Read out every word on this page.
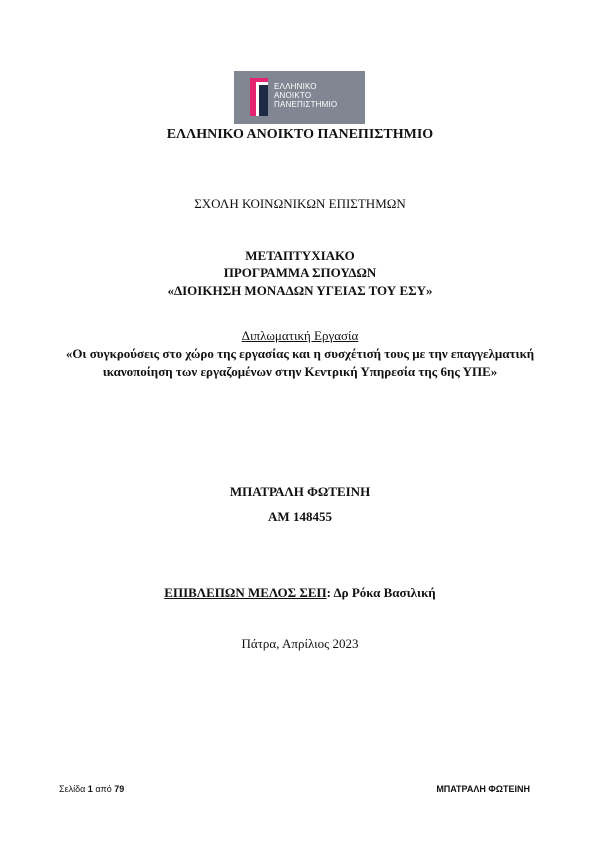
ΕΛΛΗΝΙΚΟ
ΑΝΟΙΚΤΟ
ΠΑΝΕΠΙΣΤΗΜΙΟ
ΕΛΛΗΝΙΚΟ ΑΝΟΙΚΤΟ ΠΑΝΕΠΙΣΤΗΜΙΟ
ΣΧΟΛΗ ΚΟΙΝΩΝΙΚΩΝ ΕΠΙΣΤΗΜΩΝ
ΜΕΤΑΠΤΥΧΙΑΚΟ
ΠΡΟΓΡΑΜΜΑ ΣΠΟΥΔΩΝ
«ΔΙΟΙΚΗΣΗ ΜΟΝΑΔΩΝ ΥΓΕΙΑΣ ΤΟΥ ΕΣΥ»
Διπλωματική Εργασία
«Οι συγκρούσεις στο χώρο της εργασίας και η συσχέτισή τους με την επαγγελματική ικανοποίηση των εργαζομένων στην Κεντρική Υπηρεσία της 6ης ΥΠΕ»
ΜΠΑΤΡΑΛΗ ΦΩΤΕΙΝΗ
ΑΜ 148455
ΕΠΙΒΛΕΠΩΝ ΜΕΛΟΣ ΣΕΠ: Δρ Ρόκα Βασιλική
Πάτρα, Απρίλιος 2023
Σελίδα 1 από 79	ΜΠΑΤΡΑΛΗ ΦΩΤΕΙΝΗ
